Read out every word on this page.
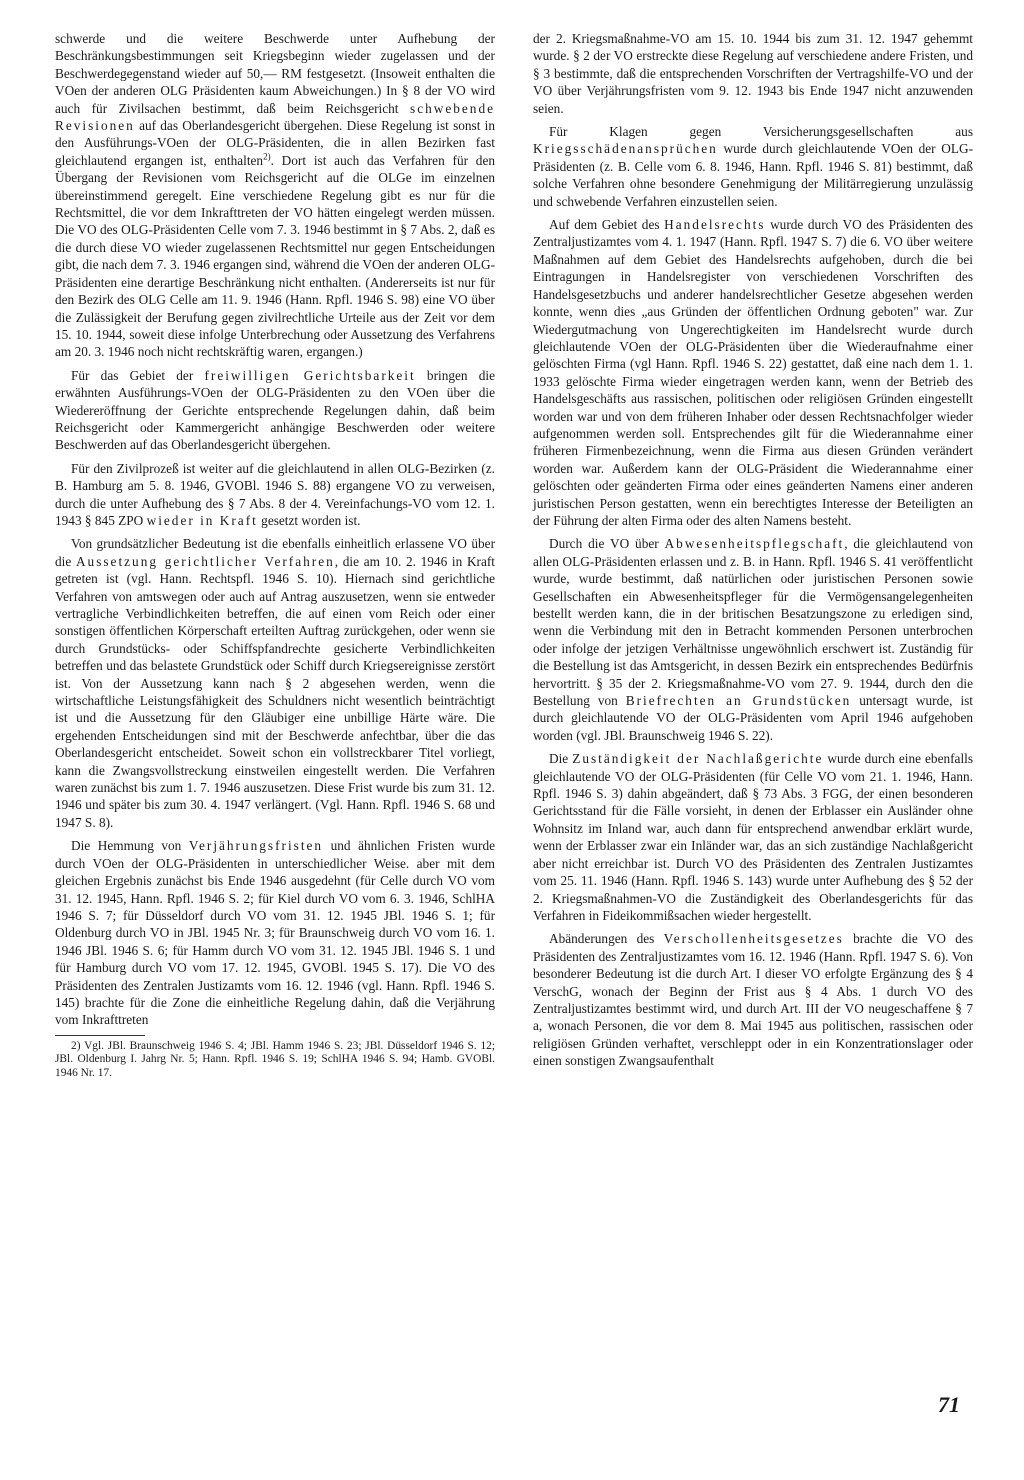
schwerde und die weitere Beschwerde unter Aufhebung der Beschränkungsbestimmungen seit Kriegsbeginn wieder zugelassen und der Beschwerdegegenstand wieder auf 50,— RM festgesetzt. (Insoweit enthalten die VOen der anderen OLG Präsidenten kaum Abweichungen.) In § 8 der VO wird auch für Zivilsachen bestimmt, daß beim Reichsgericht schwebende Revisionen auf das Oberlandesgericht übergehen. Diese Regelung ist sonst in den Ausführungs-VOen der OLG-Präsidenten, die in allen Bezirken fast gleichlautend ergangen ist, enthalten$^{2)}$. Dort ist auch das Verfahren für den Übergang der Revisionen vom Reichsgericht auf die OLGe im einzelnen übereinstimmend geregelt. Eine verschiedene Regelung gibt es nur für die Rechtsmittel, die vor dem Inkrafttreten der VO hätten eingelegt werden müssen. Die VO des OLG-Präsidenten Celle vom 7. 3. 1946 bestimmt in § 7 Abs. 2, daß es die durch diese VO wieder zugelassenen Rechtsmittel nur gegen Entscheidungen gibt, die nach dem 7. 3. 1946 ergangen sind, während die VOen der anderen OLG-Präsidenten eine derartige Beschränkung nicht enthalten. (Andererseits ist nur für den Bezirk des OLG Celle am 11. 9. 1946 (Hann. Rpfl. 1946 S. 98) eine VO über die Zulässigkeit der Berufung gegen zivilrechtliche Urteile aus der Zeit vor dem 15. 10. 1944, soweit diese infolge Unterbrechung oder Aussetzung des Verfahrens am 20. 3. 1946 noch nicht rechtskräftig waren, ergangen.)

Für das Gebiet der freiwilligen Gerichtsbarkeit bringen die erwähnten Ausführungs-VOen der OLG-Präsidenten zu den VOen über die Wiedereröffnung der Gerichte entsprechende Regelungen dahin, daß beim Reichsgericht oder Kammergericht anhängige Beschwerden oder weitere Beschwerden auf das Oberlandesgericht übergehen.

Für den Zivilprozeß ist weiter auf die gleichlautend in allen OLG-Bezirken (z. B. Hamburg am 5. 8. 1946, GVOBl. 1946 S. 88) ergangene VO zu verweisen, durch die unter Aufhebung des § 7 Abs. 8 der 4. Vereinfachungs-VO vom 12. 1. 1943 § 845 ZPO wieder in Kraft gesetzt worden ist.

Von grundsätzlicher Bedeutung ist die ebenfalls einheitlich erlassene VO über die Aussetzung gerichtlicher Verfahren, die am 10. 2. 1946 in Kraft getreten ist (vgl. Hann. Rechtspfl. 1946 S. 10). Hiernach sind gerichtliche Verfahren von amtswegen oder auch auf Antrag auszusetzen, wenn sie entweder vertragliche Verbindlichkeiten betreffen, die auf einen vom Reich oder einer sonstigen öffentlichen Körperschaft erteilten Auftrag zurückgehen, oder wenn sie durch Grundstücks- oder Schiffspfandrechte gesicherte Verbindlichkeiten betreffen und das belastete Grundstück oder Schiff durch Kriegsereignisse zerstört ist. Von der Aussetzung kann nach § 2 abgesehen werden, wenn die wirtschaftliche Leistungsfähigkeit des Schuldners nicht wesentlich beinträchtigt ist und die Aussetzung für den Gläubiger eine unbillige Härte wäre. Die ergehenden Entscheidungen sind mit der Beschwerde anfechtbar, über die das Oberlandesgericht entscheidet. Soweit schon ein vollstreckbarer Titel vorliegt, kann die Zwangsvollstreckung einstweilen eingestellt werden. Die Verfahren waren zunächst bis zum 1. 7. 1946 auszusetzen. Diese Frist wurde bis zum 31. 12. 1946 und später bis zum 30. 4. 1947 verlängert. (Vgl. Hann. Rpfl. 1946 S. 68 und 1947 S. 8).

Die Hemmung von Verjährungsfristen und ähnlichen Fristen wurde durch VOen der OLG-Präsidenten in unterschiedlicher Weise. aber mit dem gleichen Ergebnis zunächst bis Ende 1946 ausgedehnt (für Celle durch VO vom 31. 12. 1945, Hann. Rpfl. 1946 S. 2; für Kiel durch VO vom 6. 3. 1946, SchlHA 1946 S. 7; für Düsseldorf durch VO vom 31. 12. 1945 JBl. 1946 S. 1; für Oldenburg durch VO in JBl. 1945 Nr. 3; für Braunschweig durch VO vom 16. 1. 1946 JBl. 1946 S. 6; für Hamm durch VO vom 31. 12. 1945 JBl. 1946 S. 1 und für Hamburg durch VO vom 17. 12. 1945, GVOBl. 1945 S. 17). Die VO des Präsidenten des Zentralen Justizamts vom 16. 12. 1946 (vgl. Hann. Rpfl. 1946 S. 145) brachte für die Zone die einheitliche Regelung dahin, daß die Verjährung vom Inkrafttreten

2) Vgl. JBl. Braunschweig 1946 S. 4; JBl. Hamm 1946 S. 23; JBl. Düsseldorf 1946 S. 12; JBl. Oldenburg I. Jahrg Nr. 5; Hann. Rpfl. 1946 S. 19; SchlHA 1946 S. 94; Hamb. GVOBl. 1946 Nr. 17.

der 2. Kriegsmaßnahme-VO am 15. 10. 1944 bis zum 31. 12. 1947 gehemmt wurde. § 2 der VO erstreckte diese Regelung auf verschiedene andere Fristen, und § 3 bestimmte, daß die entsprechenden Vorschriften der Vertragshilfe-VO und der VO über Verjährungsfristen vom 9. 12. 1943 bis Ende 1947 nicht anzuwenden seien.

Für Klagen gegen Versicherungsgesellschaften aus Kriegsschädenansprüchen wurde durch gleichlautende VOen der OLG-Präsidenten (z. B. Celle vom 6. 8. 1946, Hann. Rpfl. 1946 S. 81) bestimmt, daß solche Verfahren ohne besondere Genehmigung der Militärregierung unzulässig und schwebende Verfahren einzustellen seien.

Auf dem Gebiet des Handelsrechts wurde durch VO des Präsidenten des Zentraljustizamtes vom 4. 1. 1947 (Hann. Rpfl. 1947 S. 7) die 6. VO über weitere Maßnahmen auf dem Gebiet des Handelsrechts aufgehoben, durch die bei Eintragungen in Handelsregister von verschiedenen Vorschriften des Handelsgesetzbuchs und anderer handelsrechtlicher Gesetze abgesehen werden konnte, wenn dies „aus Gründen der öffentlichen Ordnung geboten" war. Zur Wiedergutmachung von Ungerechtigkeiten im Handelsrecht wurde durch gleichlautende VOen der OLG-Präsidenten über die Wiederaufnahme einer gelöschten Firma (vgl Hann. Rpfl. 1946 S. 22) gestattet, daß eine nach dem 1. 1. 1933 gelöschte Firma wieder eingetragen werden kann, wenn der Betrieb des Handelsgeschäfts aus rassischen, politischen oder religiösen Gründen eingestellt worden war und von dem früheren Inhaber oder dessen Rechtsnachfolger wieder aufgenommen werden soll. Entsprechendes gilt für die Wiederannahme einer früheren Firmenbezeichnung, wenn die Firma aus diesen Gründen verändert worden war. Außerdem kann der OLG-Präsident die Wiederannahme einer gelöschten oder geänderten Firma oder eines geänderten Namens einer anderen juristischen Person gestatten, wenn ein berechtigtes Interesse der Beteiligten an der Führung der alten Firma oder des alten Namens besteht.

Durch die VO über Abwesenheitspflegschaft, die gleichlautend von allen OLG-Präsidenten erlassen und z. B. in Hann. Rpfl. 1946 S. 41 veröffentlicht wurde, wurde bestimmt, daß natürlichen oder juristischen Personen sowie Gesellschaften ein Abwesenheitspfleger für die Vermögensangelegenheiten bestellt werden kann, die in der britischen Besatzungszone zu erledigen sind, wenn die Verbindung mit den in Betracht kommenden Personen unterbrochen oder infolge der jetzigen Verhältnisse ungewöhnlich erschwert ist. Zuständig für die Bestellung ist das Amtsgericht, in dessen Bezirk ein entsprechendes Bedürfnis hervortritt. § 35 der 2. Kriegsmaßnahme-VO vom 27. 9. 1944, durch den die Bestellung von Briefrechten an Grundstücken untersagt wurde, ist durch gleichlautende VO der OLG-Präsidenten vom April 1946 aufgehoben worden (vgl. JBl. Braunschweig 1946 S. 22).

Die Zuständigkeit der Nachlaßgerichte wurde durch eine ebenfalls gleichlautende VO der OLG-Präsidenten (für Celle VO vom 21. 1. 1946, Hann. Rpfl. 1946 S. 3) dahin abgeändert, daß § 73 Abs. 3 FGG, der einen besonderen Gerichtsstand für die Fälle vorsieht, in denen der Erblasser ein Ausländer ohne Wohnsitz im Inland war, auch dann für entsprechend anwendbar erklärt wurde, wenn der Erblasser zwar ein Inländer war, das an sich zuständige Nachlaßgericht aber nicht erreichbar ist. Durch VO des Präsidenten des Zentralen Justizamtes vom 25. 11. 1946 (Hann. Rpfl. 1946 S. 143) wurde unter Aufhebung des § 52 der 2. Kriegsmaßnahmen-VO die Zuständigkeit des Oberlandesgerichts für das Verfahren in Fideikommißsachen wieder hergestellt.

Abänderungen des Verschollenheitsgesetzes brachte die VO des Präsidenten des Zentraljustizamtes vom 16. 12. 1946 (Hann. Rpfl. 1947 S. 6). Von besonderer Bedeutung ist die durch Art. I dieser VO erfolgte Ergänzung des § 4 VerschG, wonach der Beginn der Frist aus § 4 Abs. 1 durch VO des Zentraljustizamtes bestimmt wird, und durch Art. III der VO neugeschaffene § 7 a, wonach Personen, die vor dem 8. Mai 1945 aus politischen, rassischen oder religiösen Gründen verhaftet, verschleppt oder in ein Konzentrationslager oder einen sonstigen Zwangsaufenthalt

71
